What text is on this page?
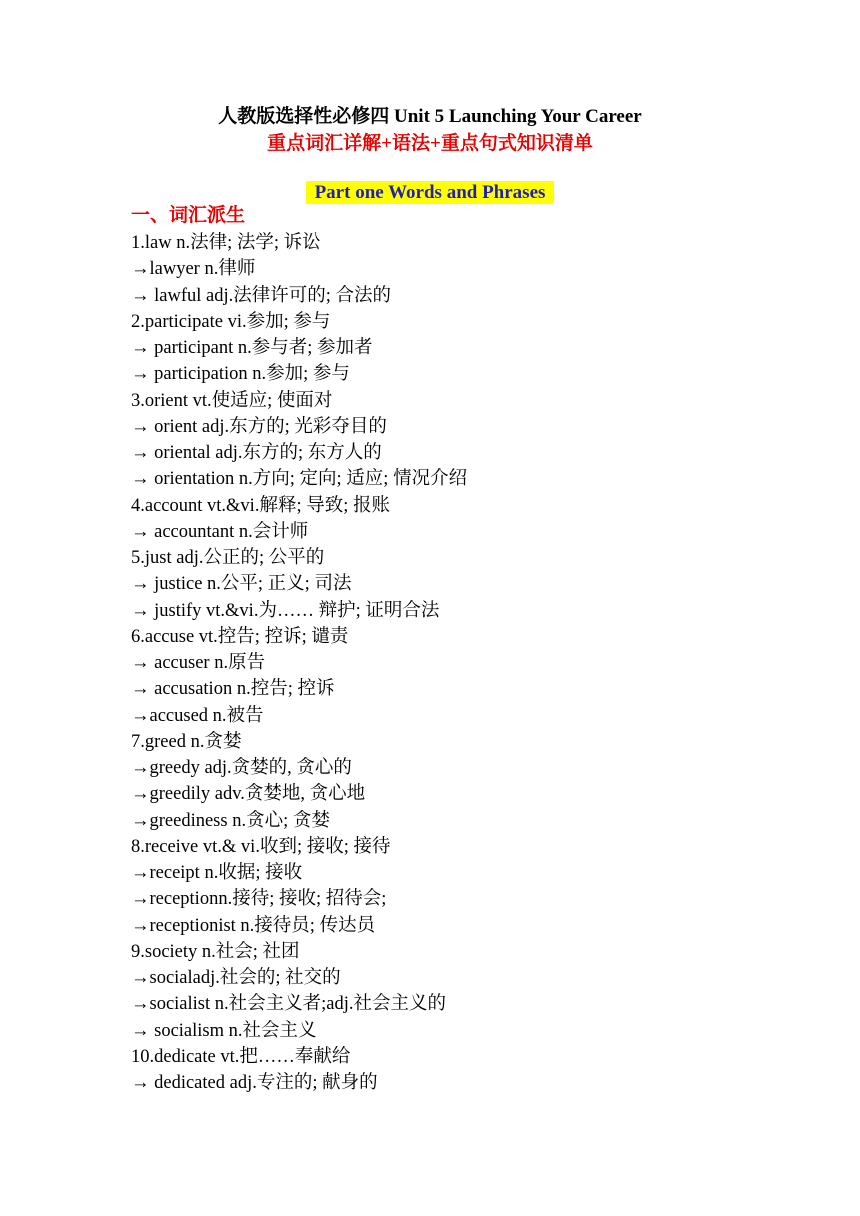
人教版选择性必修四 Unit 5 Launching Your Career
重点词汇详解+语法+重点句式知识清单
Part one Words and Phrases
一、词汇派生
1.law n.法律; 法学; 诉讼
→lawyer n.律师
→ lawful adj.法律许可的; 合法的
2.participate vi.参加; 参与
→ participant n.参与者; 参加者
→ participation n.参加; 参与
3.orient vt.使适应; 使面对
→ orient adj.东方的; 光彩夺目的
→ oriental adj.东方的; 东方人的
→ orientation n.方向; 定向; 适应; 情况介绍
4.account vt.&vi.解释; 导致; 报账
→ accountant n.会计师
5.just adj.公正的; 公平的
→ justice n.公平; 正义; 司法
→ justify vt.&vi.为…… 辩护; 证明合法
6.accuse vt.控告; 控诉; 谴责
→ accuser n.原告
→ accusation n.控告; 控诉
→accused n.被告
7.greed n.贪婪
→greedy adj.贪婪的, 贪心的
→greedily adv.贪婪地, 贪心地
→greediness n.贪心; 贪婪
8.receive vt.& vi.收到; 接收; 接待
→receipt n.收据; 接收
→receptionn.接待; 接收; 招待会;
→receptionist n.接待员; 传达员
9.society n.社会; 社团
→socialadj.社会的; 社交的
→socialist n.社会主义者;adj.社会主义的
→ socialism n.社会主义
10.dedicate vt.把……奉献给
→ dedicated adj.专注的; 献身的
